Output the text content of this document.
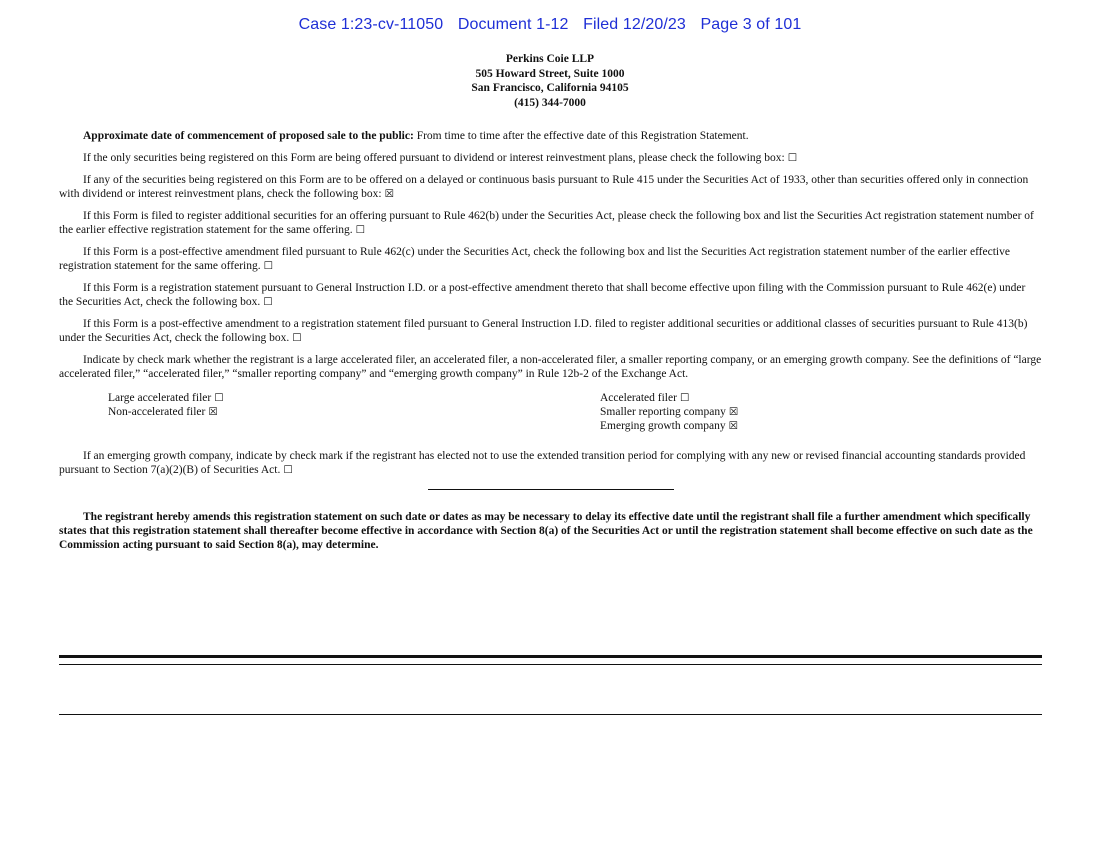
Case 1:23-cv-11050 Document 1-12 Filed 12/20/23 Page 3 of 101
Perkins Coie LLP
505 Howard Street, Suite 1000
San Francisco, California 94105
(415) 344-7000

Approximate date of commencement of proposed sale to the public: From time to time after the effective date of this Registration Statement.

If the only securities being registered on this Form are being offered pursuant to dividend or interest reinvestment plans, please check the following box: ☐

If any of the securities being registered on this Form are to be offered on a delayed or continuous basis pursuant to Rule 415 under the Securities Act of 1933, other than securities offered only in connection with dividend or interest reinvestment plans, check the following box: ☒

If this Form is filed to register additional securities for an offering pursuant to Rule 462(b) under the Securities Act, please check the following box and list the Securities Act registration statement number of the earlier effective registration statement for the same offering. ☐

If this Form is a post-effective amendment filed pursuant to Rule 462(c) under the Securities Act, check the following box and list the Securities Act registration statement number of the earlier effective registration statement for the same offering. ☐

If this Form is a registration statement pursuant to General Instruction I.D. or a post-effective amendment thereto that shall become effective upon filing with the Commission pursuant to Rule 462(e) under the Securities Act, check the following box. ☐

If this Form is a post-effective amendment to a registration statement filed pursuant to General Instruction I.D. filed to register additional securities or additional classes of securities pursuant to Rule 413(b) under the Securities Act, check the following box. ☐

Indicate by check mark whether the registrant is a large accelerated filer, an accelerated filer, a non-accelerated filer, a smaller reporting company, or an emerging growth company. See the definitions of “large accelerated filer,” “accelerated filer,” “smaller reporting company” and “emerging growth company” in Rule 12b-2 of the Exchange Act.

Large accelerated filer ☐
Non-accelerated filer ☒
Accelerated filer ☐
Smaller reporting company ☒
Emerging growth company ☒

If an emerging growth company, indicate by check mark if the registrant has elected not to use the extended transition period for complying with any new or revised financial accounting standards provided pursuant to Section 7(a)(2)(B) of Securities Act. ☐

The registrant hereby amends this registration statement on such date or dates as may be necessary to delay its effective date until the registrant shall file a further amendment which specifically states that this registration statement shall thereafter become effective in accordance with Section 8(a) of the Securities Act or until the registration statement shall become effective on such date as the Commission acting pursuant to said Section 8(a), may determine.
